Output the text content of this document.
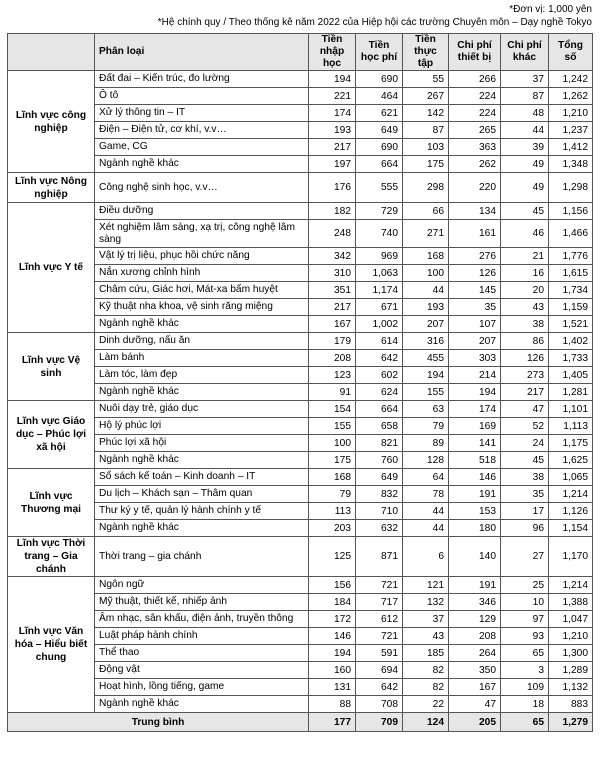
*Đơn vị: 1,000 yên
*Hệ chính quy / Theo thống kê năm 2022 của Hiệp hội các trường Chuyên môn – Dạy nghề Tokyo
	Phân loại	Tiền nhập học	Tiền học phí	Tiền thực tập	Chi phí thiết bị	Chi phí khác	Tổng số
Lĩnh vực công nghiệp	Đất đai – Kiến trúc, đo lường	194	690	55	266	37	1,242
	Ô tô	221	464	267	224	87	1,262
	Xử lý thông tin – IT	174	621	142	224	48	1,210
	Điện – Điện tử, cơ khí, v.v…	193	649	87	265	44	1,237
	Game, CG	217	690	103	363	39	1,412
	Ngành nghề khác	197	664	175	262	49	1,348
Lĩnh vực Nông nghiệp	Công nghệ sinh học, v.v…	176	555	298	220	49	1,298
Lĩnh vực Y tế	Điều dưỡng	182	729	66	134	45	1,156
	Xét nghiệm lâm sàng, xạ trị, công nghệ lâm sàng	248	740	271	161	46	1,466
	Vật lý trị liệu, phục hồi chức năng	342	969	168	276	21	1,776
	Nắn xương chỉnh hình	310	1,063	100	126	16	1,615
	Châm cứu, Giác hơi, Mát-xa bấm huyệt	351	1,174	44	145	20	1,734
	Kỹ thuật nha khoa, vệ sinh răng miệng	217	671	193	35	43	1,159
	Ngành nghề khác	167	1,002	207	107	38	1,521
Lĩnh vực Vệ sinh	Dinh dưỡng, nấu ăn	179	614	316	207	86	1,402
	Làm bánh	208	642	455	303	126	1,733
	Làm tóc, làm đẹp	123	602	194	214	273	1,405
	Ngành nghề khác	91	624	155	194	217	1,281
Lĩnh vực Giáo dục – Phúc lợi xã hội	Nuôi dạy trẻ, giáo dục	154	664	63	174	47	1,101
	Hộ lý phúc lợi	155	658	79	169	52	1,113
	Phúc lợi xã hội	100	821	89	141	24	1,175
	Ngành nghề khác	175	760	128	518	45	1,625
Lĩnh vực Thương mại	Sổ sách kế toán – Kinh doanh – IT	168	649	64	146	38	1,065
	Du lịch – Khách sạn – Thâm quan	79	832	78	191	35	1,214
	Thư ký y tế, quản lý hành chính y tế	113	710	44	153	17	1,126
	Ngành nghề khác	203	632	44	180	96	1,154
Lĩnh vực Thời trang – Gia chánh	Thời trang – gia chánh	125	871	6	140	27	1,170
Lĩnh vực Văn hóa – Hiểu biết chung	Ngôn ngữ	156	721	121	191	25	1,214
	Mỹ thuật, thiết kế, nhiếp ảnh	184	717	132	346	10	1,388
	Âm nhạc, sân khấu, điện ảnh, truyền thông	172	612	37	129	97	1,047
	Luật pháp hành chính	146	721	43	208	93	1,210
	Thể thao	194	591	185	264	65	1,300
	Động vật	160	694	82	350	3	1,289
	Hoạt hình, lồng tiếng, game	131	642	82	167	109	1,132
	Ngành nghề khác	88	708	22	47	18	883
Trung bình		177	709	124	205	65	1,279
